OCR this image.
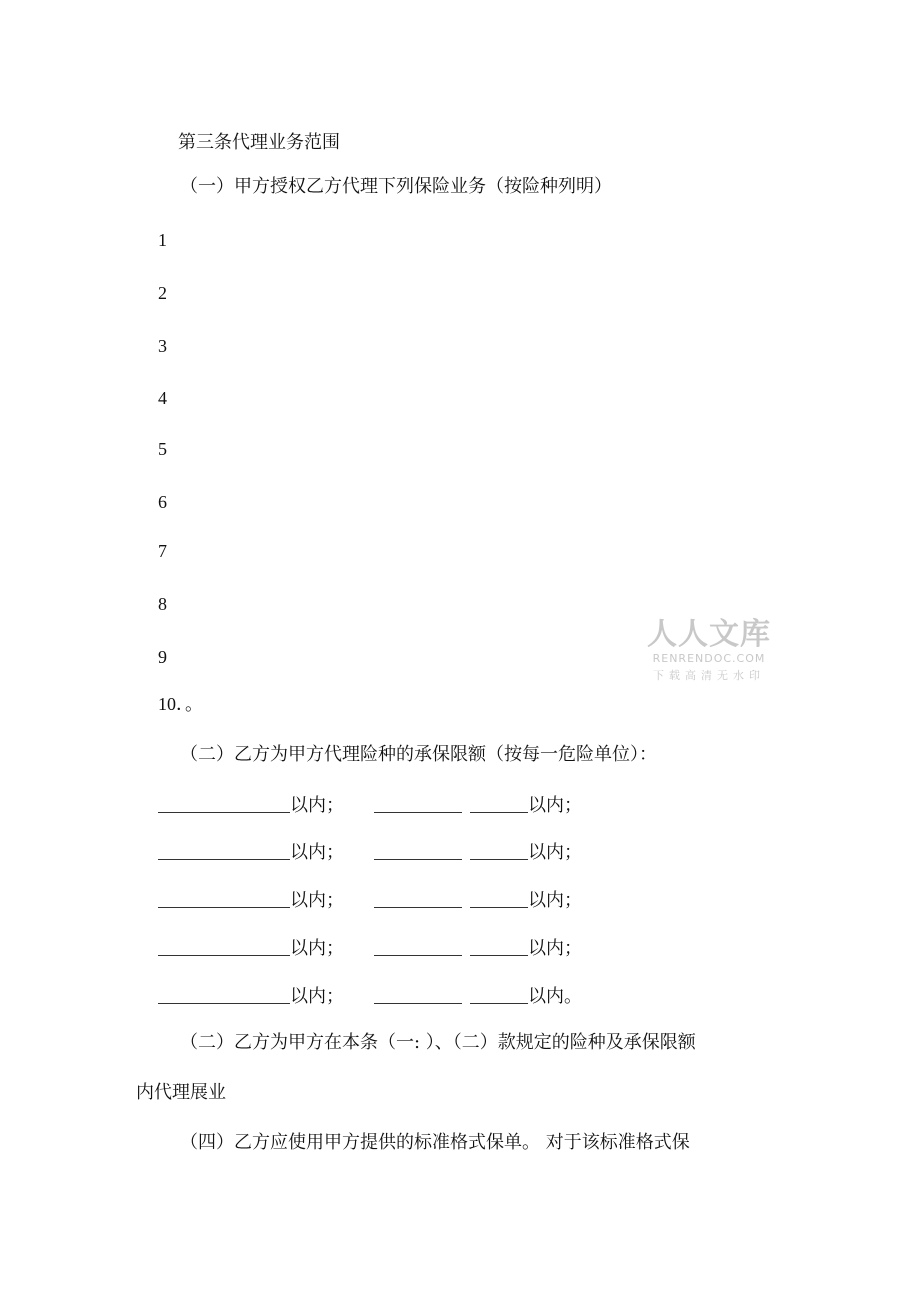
第三条代理业务范围
（一）甲方授权乙方代理下列保险业务（按险种列明）
1
2
3
4
5
6
7
8
9
10．。
人人文库
RENRENDOC.COM
下载高清无水印
（二）乙方为甲方代理险种的承保限额（按每一危险单位）：
以内；	以内；
以内；	以内；
以内；	以内；
以内；	以内；
以内；	以内。
（二）乙方为甲方在本条（一: ）、（二）款规定的险种及承保限额
内代理展业
（四）乙方应使用甲方提供的标准格式保单。 对于该标准格式保
